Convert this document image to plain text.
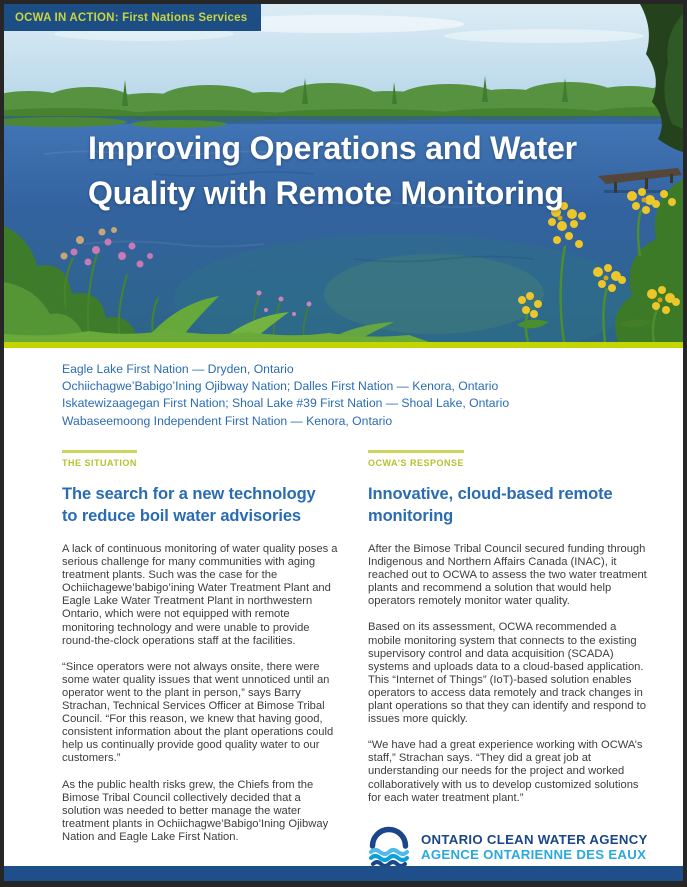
Improving Operations and Water
Quality with Remote Monitoring
OCWA IN ACTION: First Nations Services
Eagle Lake First Nation — Dryden, Ontario
Ochiichagwe’Babigo’Ining Ojibway Nation; Dalles First Nation — Kenora, Ontario
Iskatewizaagegan First Nation; Shoal Lake #39 First Nation — Shoal Lake, Ontario
Wabaseemoong Independent First Nation — Kenora, Ontario
THE SITUATION
The search for a new technology to reduce boil water advisories

A lack of continuous monitoring of water quality poses a serious challenge for many communities with aging treatment plants. Such was the case for the Ochiichagewe’babigo’ining Water Treatment Plant and Eagle Lake Water Treatment Plant in northwestern Ontario, which were not equipped with remote monitoring technology and were unable to provide round-the-clock operations staff at the facilities.

“Since operators were not always onsite, there were some water quality issues that went unnoticed until an operator went to the plant in person,” says Barry Strachan, Technical Services Officer at Bimose Tribal Council. “For this reason, we knew that having good, consistent information about the plant operations could help us continually provide good quality water to our customers.”

As the public health risks grew, the Chiefs from the Bimose Tribal Council collectively decided that a solution was needed to better manage the water treatment plants in Ochiichagwe’Babigo’Ining Ojibway Nation and Eagle Lake First Nation.

OCWA’S RESPONSE
Innovative, cloud-based remote monitoring

After the Bimose Tribal Council secured funding through Indigenous and Northern Affairs Canada (INAC), it reached out to OCWA to assess the two water treatment plants and recommend a solution that would help operators remotely monitor water quality.

Based on its assessment, OCWA recommended a mobile monitoring system that connects to the existing supervisory control and data acquisition (SCADA) systems and uploads data to a cloud-based application. This “Internet of Things” (IoT)-based solution enables operators to access data remotely and track changes in plant operations so that they can identify and respond to issues more quickly.

“We have had a great experience working with OCWA’s staff,” Strachan says. “They did a great job at understanding our needs for the project and worked collaboratively with us to develop customized solutions for each water treatment plant.”

ONTARIO CLEAN WATER AGENCY
AGENCE ONTARIENNE DES EAUX
